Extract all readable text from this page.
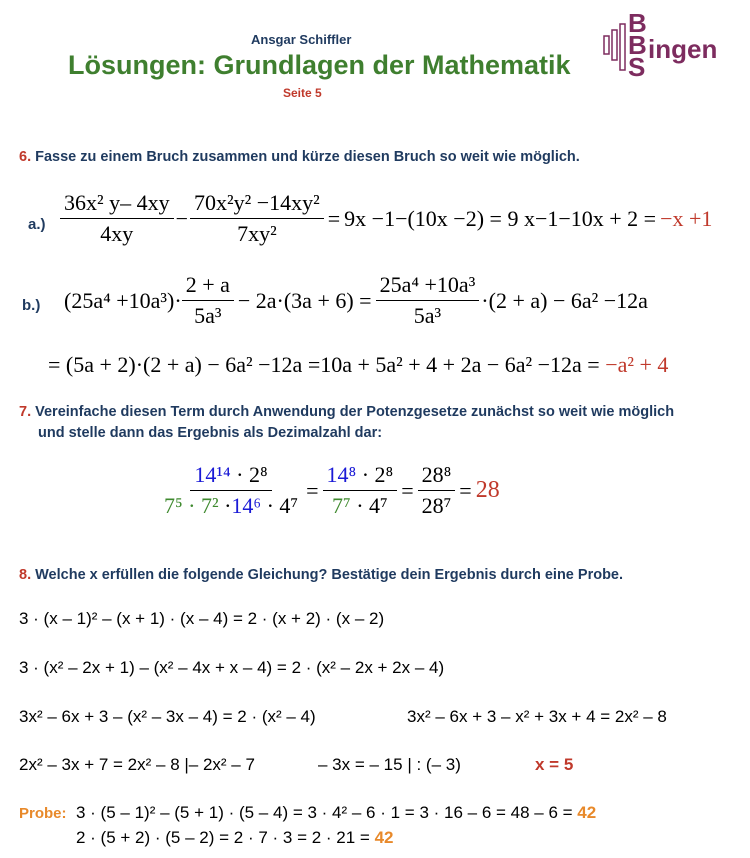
Ansgar Schiffler
Lösungen: Grundlagen der Mathematik
Seite 5
B
B
S
ingen
6. Fasse zu einem Bruch zusammen und kürze diesen Bruch so weit wie möglich.
$a.) \frac{\text{36x² y– 4xy}}{4xy} - \frac{\text{70x²y² −14xy²}}{\text{7xy²}} = 9x -1-(10x -2) = 9$ x−1−10x + 2 = −x +1
b.) $(25a^4 +10a^3)\cdot \frac{2 + a}{\text{5a³}} - 2a\cdot(3a + 6) = \frac{\text{25a⁴ +10a³}}{\text{5a³}} \cdot(2 + a) - 6a^2 -12a$
= (5a + 2)·(2 + a) − 6a² −12a =10a + 5a² + 4 + 2a − 6a² −12a = −a² + 4
7. Vereinfache diesen Term durch Anwendung der Potenzgesetze zunächst so weit wie möglich
und stelle dann das Ergebnis als Dezimalzahl dar:
$\frac{\text{14¹⁴ · 2⁸}}{\text{7⁵ · 7² ·14⁶ · 4⁷}} = \frac{\text{14⁸ · 2⁸}}{\text{7⁷ · 4⁷}} = \frac{\text{28⁸}}{\text{28⁷}} = 28$
8. Welche x erfüllen die folgende Gleichung? Bestätige dein Ergebnis durch eine Probe.
3 · (x – 1)² – (x + 1) · (x – 4) = 2 · (x + 2) · (x – 2)
3 · (x² – 2x + 1) – (x² – 4x + x – 4) = 2 · (x² – 2x + 2x – 4)
3x² – 6x + 3 – (x² – 3x – 4) = 2 · (x² – 4)	3x² – 6x + 3 – x² + 3x + 4 = 2x² – 8
2x² – 3x + 7 = 2x² – 8 |– 2x² – 7	– 3x = – 15 | : (– 3)	x = 5
Probe: 3 · (5 – 1)² – (5 + 1) · (5 – 4) = 3 · 4² – 6 · 1 = 3 · 16 – 6 = 48 – 6 = 42
2 · (5 + 2) · (5 – 2) = 2 · 7 · 3 = 2 · 21 = 42
